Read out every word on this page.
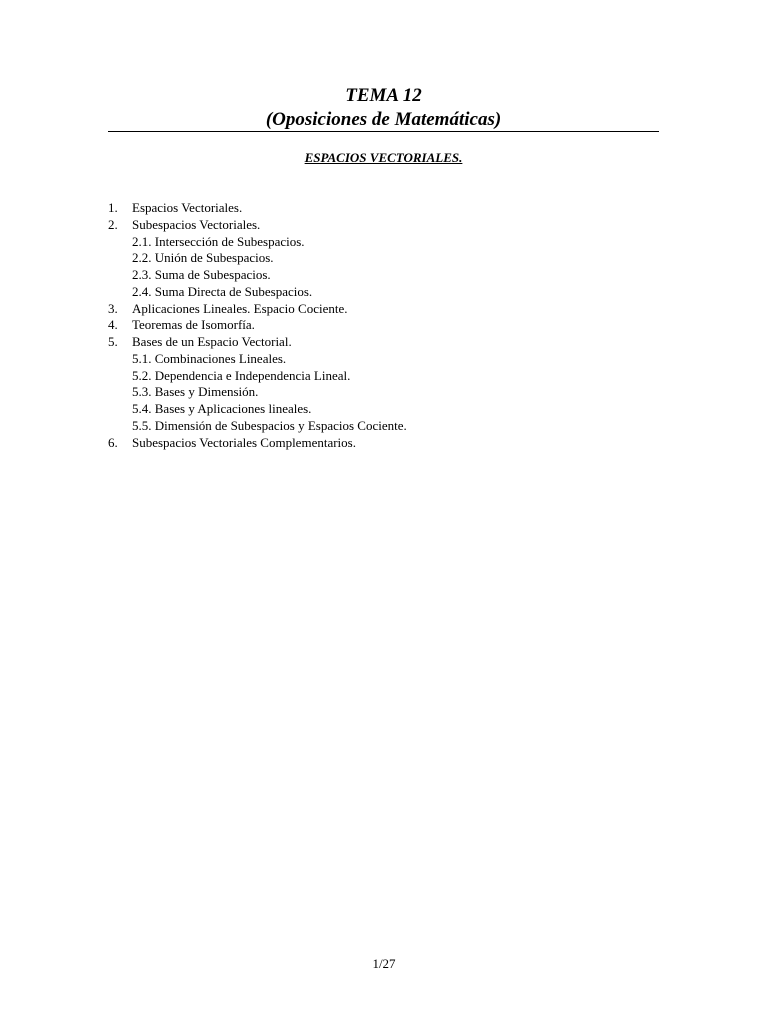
TEMA 12

(Oposiciones de Matemáticas)

ESPACIOS VECTORIALES.
1.	Espacios Vectoriales.
2.	Subespacios Vectoriales.
2.1. Intersección de Subespacios.
2.2. Unión de Subespacios.
2.3. Suma de Subespacios.
2.4. Suma Directa de Subespacios.
3.	Aplicaciones Lineales. Espacio Cociente.
4.	Teoremas de Isomorfía.
5.	Bases de un Espacio Vectorial.
5.1. Combinaciones Lineales.
5.2. Dependencia e Independencia Lineal.
5.3. Bases y Dimensión.
5.4. Bases y Aplicaciones lineales.
5.5. Dimensión de Subespacios y Espacios Cociente.
6.	Subespacios Vectoriales Complementarios.
1/27
